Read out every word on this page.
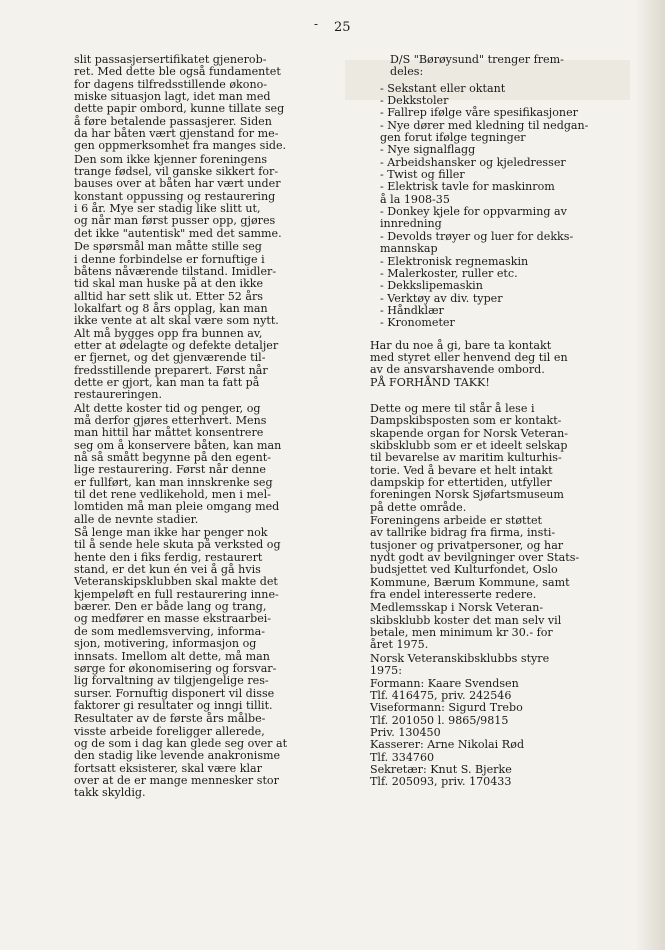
- 25

slit passasjersertifikatet gjenerob-
ret. Med dette ble også fundamentet
for dagens tilfredsstillende økono-
miske situasjon lagt, idet man med
dette papir ombord, kunne tillate seg
å føre betalende passasjerer. Siden
da har båten vært gjenstand for me-
gen oppmerksomhet fra manges side.

Den som ikke kjenner foreningens
trange fødsel, vil ganske sikkert for-
bauses over at båten har vært under
konstant oppussing og restaurering
i 6 år. Mye ser stadig like slitt ut,
og når man først pusser opp, gjøres
det ikke "autentisk" med det samme.

De spørsmål man måtte stille seg
i denne forbindelse er fornuftige i
båtens nåværende tilstand. Imidler-
tid skal man huske på at den ikke
alltid har sett slik ut. Etter 52 års
lokalfart og 8 års opplag, kan man
ikke vente at alt skal være som nytt.
Alt må bygges opp fra bunnen av,
etter at ødelagte og defekte detaljer
er fjernet, og det gjenværende til-
fredsstillende preparert. Først når
dette er gjort, kan man ta fatt på
restaureringen.

Alt dette koster tid og penger, og
må derfor gjøres etterhvert. Mens
man hittil har måttet konsentrere
seg om å konservere båten, kan man
nå så smått begynne på den egent-
lige restaurering. Først når denne
er fullført, kan man innskrenke seg
til det rene vedlikehold, men i mel-
lomtiden må man pleie omgang med
alle de nevnte stadier.

Så lenge man ikke har penger nok
til å sende hele skuta på verksted og
hente den i fiks ferdig, restaurert
stand, er det kun én vei å gå hvis
Veteranskipsklubben skal makte det
kjempeløft en full restaurering inne-
bærer. Den er både lang og trang,
og medfører en masse ekstraarbei-
de som medlemsverving, informa-
sjon, motivering, informasjon og
innsats. Imellom alt dette, må man
sørge for økonomisering og forsvar-
lig forvaltning av tilgjengelige res-
surser. Fornuftig disponert vil disse
faktorer gi resultater og inngi tillit.

Resultater av de første års målbe-
visste arbeide foreligger allerede,
og de som i dag kan glede seg over at
den stadig like levende anakronisme
fortsatt eksisterer, skal være klar
over at de er mange mennesker stor
takk skyldig.

D/S "Børøysund" trenger frem-
deles:
- Sekstant eller oktant
- Dekkstoler
- Fallrep ifølge våre spesifikasjoner
- Nye dører med kledning til nedgan-
gen forut ifølge tegninger
- Nye signalflagg
- Arbeidshansker og kjeledresser
- Twist og filler
- Elektrisk tavle for maskinrom
å la 1908-35
- Donkey kjele for oppvarming av
innredning
- Devolds trøyer og luer for dekks-
mannskap
- Elektronisk regnemaskin
- Malerkoster, ruller etc.
- Dekkslipemaskin
- Verktøy av div. typer
- Håndklær
- Kronometer
Har du noe å gi, bare ta kontakt
med styret eller henvend deg til en
av de ansvarshavende ombord.
PÅ FORHÅND TAKK!
Dette og mere til står å lese i
Dampskibsposten som er kontakt-
skapende organ for Norsk Veteran-
skibsklubb som er et ideelt selskap
til bevarelse av maritim kulturhis-
torie. Ved å bevare et helt intakt
dampskip for ettertiden, utfyller
foreningen Norsk Sjøfartsmuseum
på dette område.
Foreningens arbeide er støttet
av tallrike bidrag fra firma, insti-
tusjoner og privatpersoner, og har
nydt godt av bevilgninger over Stats-
budsjettet ved Kulturfondet, Oslo
Kommune, Bærum Kommune, samt
fra endel interesserte redere.
Medlemsskap i Norsk Veteran-
skibsklubb koster det man selv vil
betale, men minimum kr 30.- for
året 1975.
Norsk Veteranskibsklubbs styre
1975:
Formann: Kaare Svendsen
Tlf. 416475, priv. 242546
Viseformann: Sigurd Trebo
Tlf. 201050 l. 9865/9815
Priv. 130450
Kasserer: Arne Nikolai Rød
Tlf. 334760
Sekretær: Knut S. Bjerke
Tlf. 205093, priv. 170433
